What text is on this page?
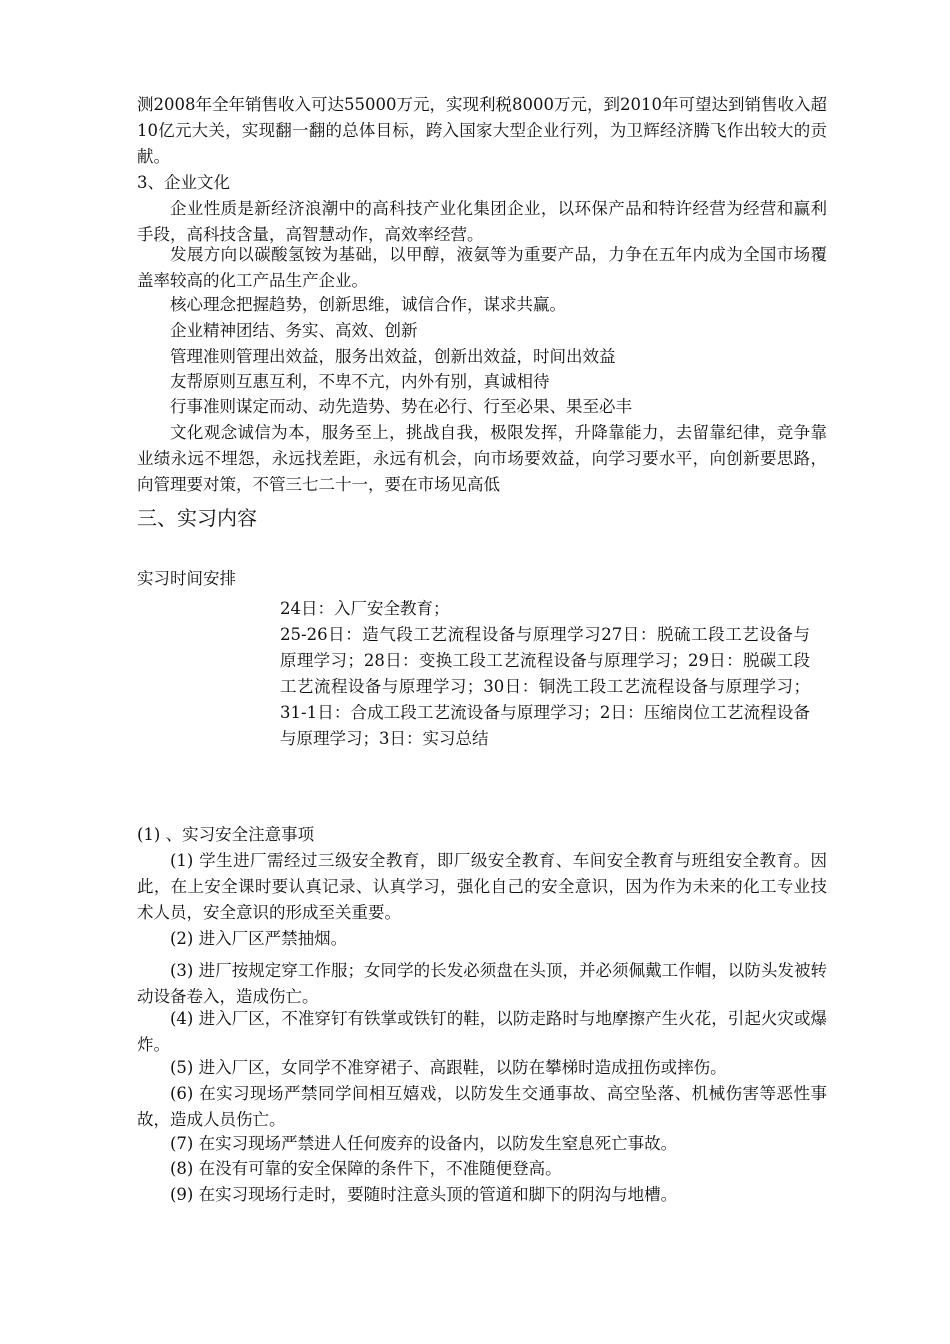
测2008年全年销售收入可达55000万元，实现利税8000万元，到2010年可望达到销售收入超10亿元大关，实现翻一翻的总体目标，跨入国家大型企业行列，为卫辉经济腾飞作出较大的贡献。

3、企业文化

企业性质是新经济浪潮中的高科技产业化集团企业，以环保产品和特许经营为经营和赢利手段，高科技含量，高智慧动作，高效率经营。

发展方向以碳酸氢铵为基础，以甲醇，液氨等为重要产品，力争在五年内成为全国市场覆盖率较高的化工产品生产企业。

核心理念把握趋势，创新思维，诚信合作，谋求共赢。

企业精神团结、务实、高效、创新

管理准则管理出效益，服务出效益，创新出效益，时间出效益

友帮原则互惠互利，不卑不亢，内外有别，真诚相待

行事准则谋定而动、动先造势、势在必行、行至必果、果至必丰

文化观念诚信为本，服务至上，挑战自我，极限发挥，升降靠能力，去留靠纪律，竞争靠业绩永远不埋怨，永远找差距，永远有机会，向市场要效益，向学习要水平，向创新要思路，向管理要对策，不管三七二十一，要在市场见高低

三、实习内容

实习时间安排

24日：入厂安全教育；

25-26日：造气段工艺流程设备与原理学习27日：脱硫工段工艺设备与原理学习；28日：变换工段工艺流程设备与原理学习；29日：脱碳工段工艺流程设备与原理学习；30日：铜洗工段工艺流程设备与原理学习；31-1日：合成工段工艺流设备与原理学习；2日：压缩岗位工艺流程设备与原理学习；3日：实习总结

(1) 、实习安全注意事项

(1) 学生进厂需经过三级安全教育，即厂级安全教育、车间安全教育与班组安全教育。因此，在上安全课时要认真记录、认真学习，强化自己的安全意识，因为作为未来的化工专业技术人员，安全意识的形成至关重要。

(2) 进入厂区严禁抽烟。

(3) 进厂按规定穿工作服；女同学的长发必须盘在头顶，并必须佩戴工作帽，以防头发被转动设备卷入，造成伤亡。

(4) 进入厂区，不准穿钉有铁掌或铁钉的鞋，以防走路时与地摩擦产生火花，引起火灾或爆炸。

(5) 进入厂区，女同学不准穿裙子、高跟鞋，以防在攀梯时造成扭伤或摔伤。

(6) 在实习现场严禁同学间相互嬉戏，以防发生交通事故、高空坠落、机械伤害等恶性事故，造成人员伤亡。

(7) 在实习现场严禁进人任何废弃的设备内，以防发生窒息死亡事故。

(8) 在没有可靠的安全保障的条件下，不准随便登高。

(9) 在实习现场行走时，要随时注意头顶的管道和脚下的阴沟与地槽。
